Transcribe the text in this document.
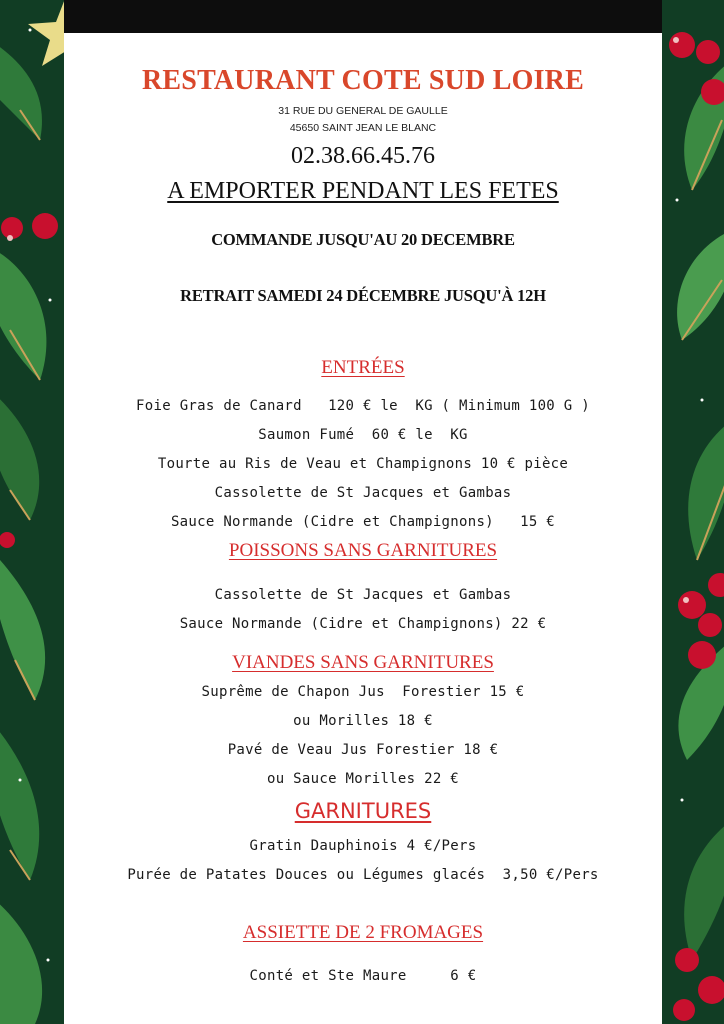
RESTAURANT COTE SUD LOIRE
31 RUE DU GENERAL DE GAULLE
45650 SAINT JEAN LE BLANC
02.38.66.45.76
A EMPORTER PENDANT LES FETES
COMMANDE JUSQU'AU 20 DECEMBRE
RETRAIT SAMEDI 24 DÉCEMBRE JUSQU'À 12H
ENTRÉES
Foie Gras de Canard   120 € le  KG ( Minimum 100 G )
Saumon Fumé  60 € le  KG
Tourte au Ris de Veau et Champignons 10 € pièce
Cassolette de St Jacques et Gambas
Sauce Normande (Cidre et Champignons)   15 €
POISSONS SANS GARNITURES
Cassolette de St Jacques et Gambas
Sauce Normande (Cidre et Champignons) 22 €
VIANDES SANS GARNITURES
Suprême de Chapon Jus  Forestier 15 €
ou Morilles 18 €
Pavé de Veau Jus Forestier 18 €
ou Sauce Morilles 22 €
GARNITURES
Gratin Dauphinois 4 €/Pers
Purée de Patates Douces ou Légumes glacés  3,50 €/Pers
ASSIETTE DE 2 FROMAGES
Conté et Ste Maure     6 €
